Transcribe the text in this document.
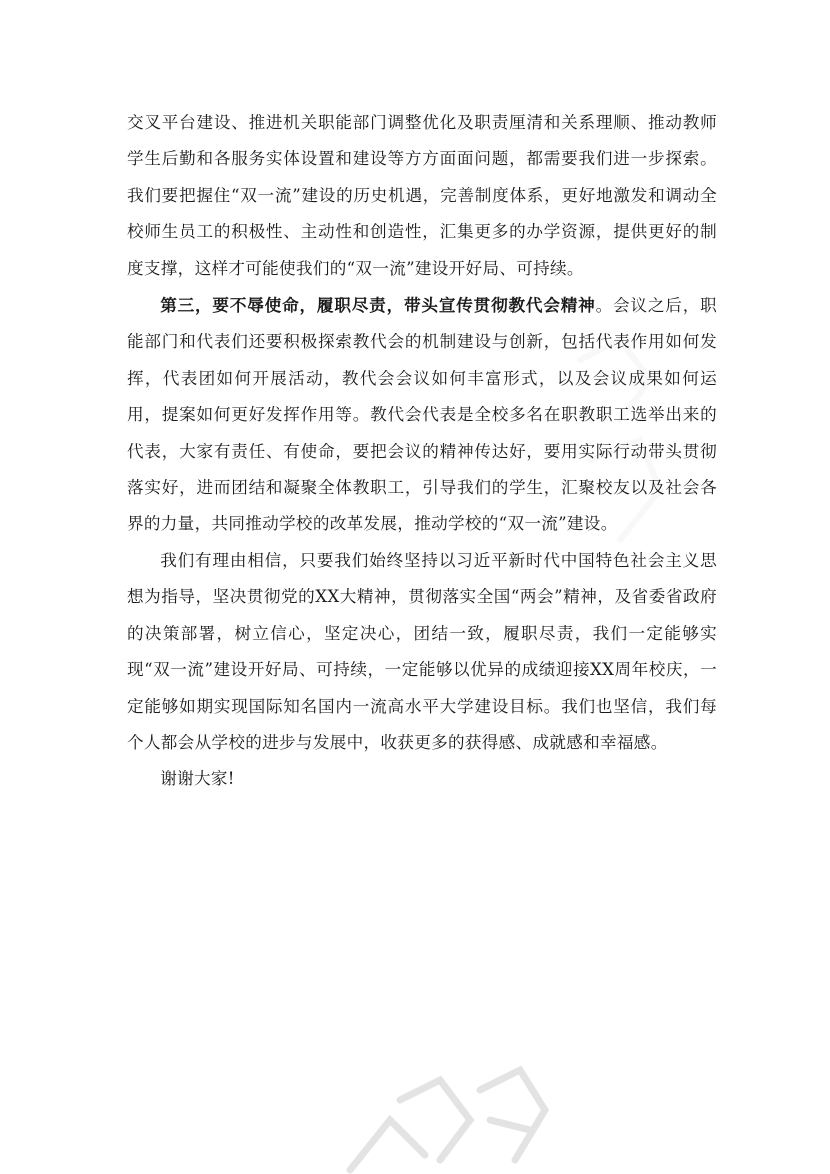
交叉平台建设、推进机关职能部门调整优化及职责厘清和关系理顺、推动教师学生后勤和各服务实体设置和建设等方方面面问题，都需要我们进一步探索。我们要把握住“双一流”建设的历史机遇，完善制度体系，更好地激发和调动全校师生员工的积极性、主动性和创造性，汇集更多的办学资源，提供更好的制度支撑，这样才可能使我们的“双一流”建设开好局、可持续。

第三，要不辱使命，履职尽责，带头宣传贯彻教代会精神。会议之后，职能部门和代表们还要积极探索教代会的机制建设与创新，包括代表作用如何发挥，代表团如何开展活动，教代会会议如何丰富形式，以及会议成果如何运用，提案如何更好发挥作用等。教代会代表是全校多名在职教职工选举出来的代表，大家有责任、有使命，要把会议的精神传达好，要用实际行动带头贯彻落实好，进而团结和凝聚全体教职工，引导我们的学生，汇聚校友以及社会各界的力量，共同推动学校的改革发展，推动学校的“双一流”建设。

我们有理由相信，只要我们始终坚持以习近平新时代中国特色社会主义思想为指导，坚决贯彻党的XX大精神，贯彻落实全国“两会”精神，及省委省政府的决策部署，树立信心，坚定决心，团结一致，履职尽责，我们一定能够实现“双一流”建设开好局、可持续，一定能够以优异的成绩迎接XX周年校庆，一定能够如期实现国际知名国内一流高水平大学建设目标。我们也坚信，我们每个人都会从学校的进步与发展中，收获更多的获得感、成就感和幸福感。

谢谢大家!
